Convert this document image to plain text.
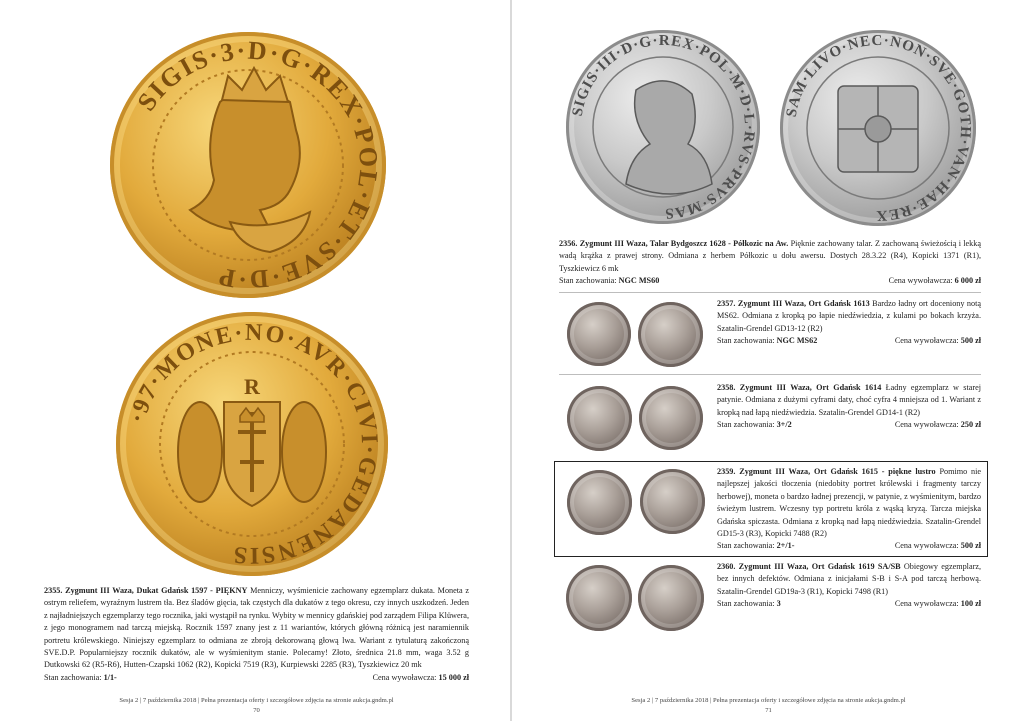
SIGIS·3·D·G·REX·POL·ET·SVE·D·P
·97·MONE·NO·AVR·CIVI·GEDANENSIS
R
2355. Zygmunt III Waza, Dukat Gdańsk 1597 - PIĘKNY Menniczy, wyśmienicie zachowany egzemplarz dukata. Moneta z ostrym reliefem, wyraźnym lustrem tła. Bez śladów gięcia, tak częstych dla dukatów z tego okresu, czy innych uszkodzeń. Jeden z najładniejszych egzemplarzy tego rocznika, jaki wystąpił na rynku. Wybity w mennicy gdańskiej pod zarządem Filipa Klüwera, z jego monogramem nad tarczą miejską. Rocznik 1597 znany jest z 11 wariantów, których główną różnicą jest naramiennik portretu królewskiego. Niniejszy egzemplarz to odmiana ze zbroją dekorowaną głową lwa. Wariant z tytulaturą zakończoną SVE.D.P. Popularniejszy rocznik dukatów, ale w wyśmienitym stanie. Polecamy! Złoto, średnica 21.8 mm, waga 3.52 g Dutkowski 62 (R5-R6), Hutten-Czapski 1062 (R2), Kopicki 7519 (R3), Kurpiewski 2285 (R3), Tyszkiewicz 20 mk
Stan zachowania: 1/1-	Cena wywoławcza: 15 000 zł
Sesja 2 | 7 października 2018 | Pełna prezentacja oferty i szczegółowe zdjęcia na stronie aukcja.gndm.pl
70
SIGIS·III·D·G·REX·POL·M·D·L·RVS·PRVS·MAS
SAM·LIVO·NEC·NON·SVE·GOTH·VAN·HAE·REX
2356. Zygmunt III Waza, Talar Bydgoszcz 1628 - Półkozic na Aw. Pięknie zachowany talar. Z zachowaną świeżością i lekką wadą krążka z prawej strony. Odmiana z herbem Półkozic u dołu awersu. Dostych 28.3.22 (R4), Kopicki 1371 (R1), Tyszkiewicz 6 mk
Stan zachowania: NGC MS60	Cena wywoławcza: 6 000 zł
2357. Zygmunt III Waza, Ort Gdańsk 1613 Bardzo ładny ort doceniony notą MS62. Odmiana z kropką po łapie niedźwiedzia, z kulami po bokach krzyża. Szatalin-Grendel GD13-12 (R2)
Stan zachowania: NGC MS62	Cena wywoławcza: 500 zł
2358. Zygmunt III Waza, Ort Gdańsk 1614 Ładny egzemplarz w starej patynie. Odmiana z dużymi cyframi daty, choć cyfra 4 mniejsza od 1. Wariant z kropką nad łapą niedźwiedzia. Szatalin-Grendel GD14-1 (R2)
Stan zachowania: 3+/2	Cena wywoławcza: 250 zł
2359. Zygmunt III Waza, Ort Gdańsk 1615 - piękne lustro Pomimo nie najlepszej jakości tłoczenia (niedobity portret królewski i fragmenty tarczy herbowej), moneta o bardzo ładnej prezencji, w patynie, z wyśmienitym, bardzo świeżym lustrem. Wczesny typ portretu króla z wąską kryzą. Tarcza miejska Gdańska spiczasta. Odmiana z kropką nad łapą niedźwiedzia. Szatalin-Grendel GD15-3 (R3), Kopicki 7488 (R2)
Stan zachowania: 2+/1-	Cena wywoławcza: 500 zł
2360. Zygmunt III Waza, Ort Gdańsk 1619 SA/SB Obiegowy egzemplarz, bez innych defektów. Odmiana z inicjałami S-B i S-A pod tarczą herbową. Szatalin-Grendel GD19a-3 (R1), Kopicki 7498 (R1)
Stan zachowania: 3	Cena wywoławcza: 100 zł
Sesja 2 | 7 października 2018 | Pełna prezentacja oferty i szczegółowe zdjęcia na stronie aukcja.gndm.pl
71
